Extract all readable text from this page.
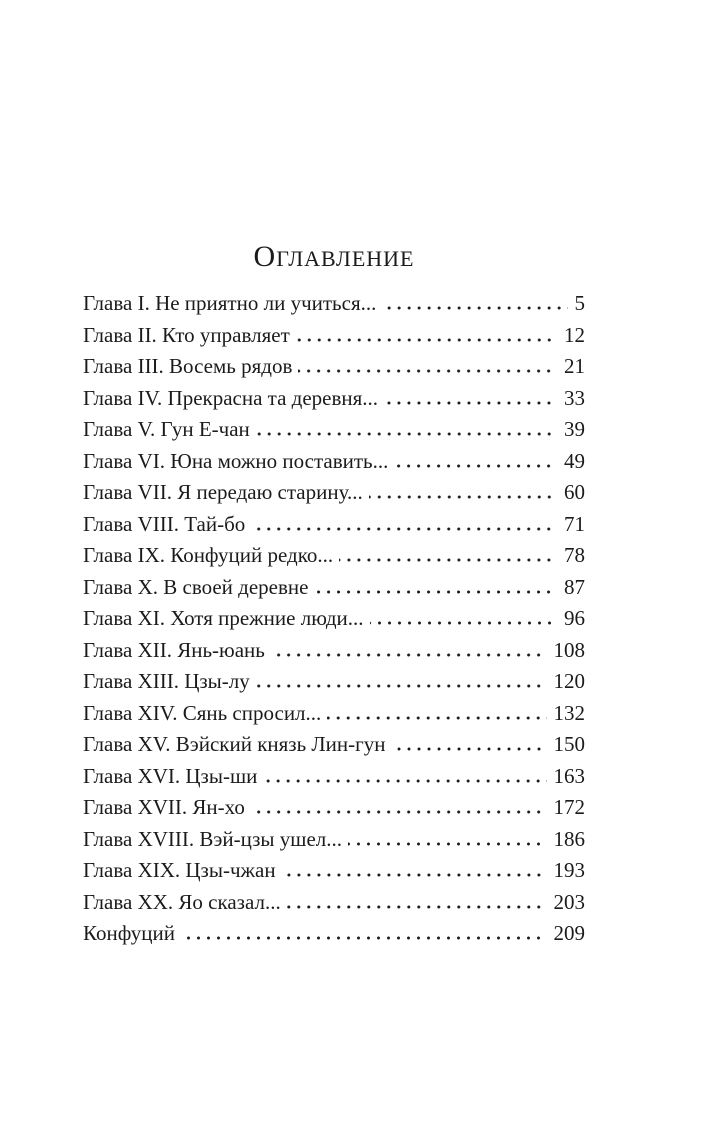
ОГЛАВЛЕНИЕ
Глава I. Не приятно ли учиться...	5
Глава II. Кто управляет	12
Глава III. Восемь рядов	21
Глава IV. Прекрасна та деревня...	33
Глава V. Гун Е-чан	39
Глава VI. Юна можно поставить...	49
Глава VII. Я передаю старину...	60
Глава VIII. Тай-бо	71
Глава IX. Конфуций редко...	78
Глава X. В своей деревне	87
Глава XI. Хотя прежние люди...	96
Глава XII. Янь-юань	108
Глава XIII. Цзы-лу	120
Глава XIV. Сянь спросил...	132
Глава XV. Вэйский князь Лин-гун	150
Глава XVI. Цзы-ши	163
Глава XVII. Ян-хо	172
Глава XVIII. Вэй-цзы ушел...	186
Глава XIX. Цзы-чжан	193
Глава XX. Яо сказал...	203
Конфуций	209
